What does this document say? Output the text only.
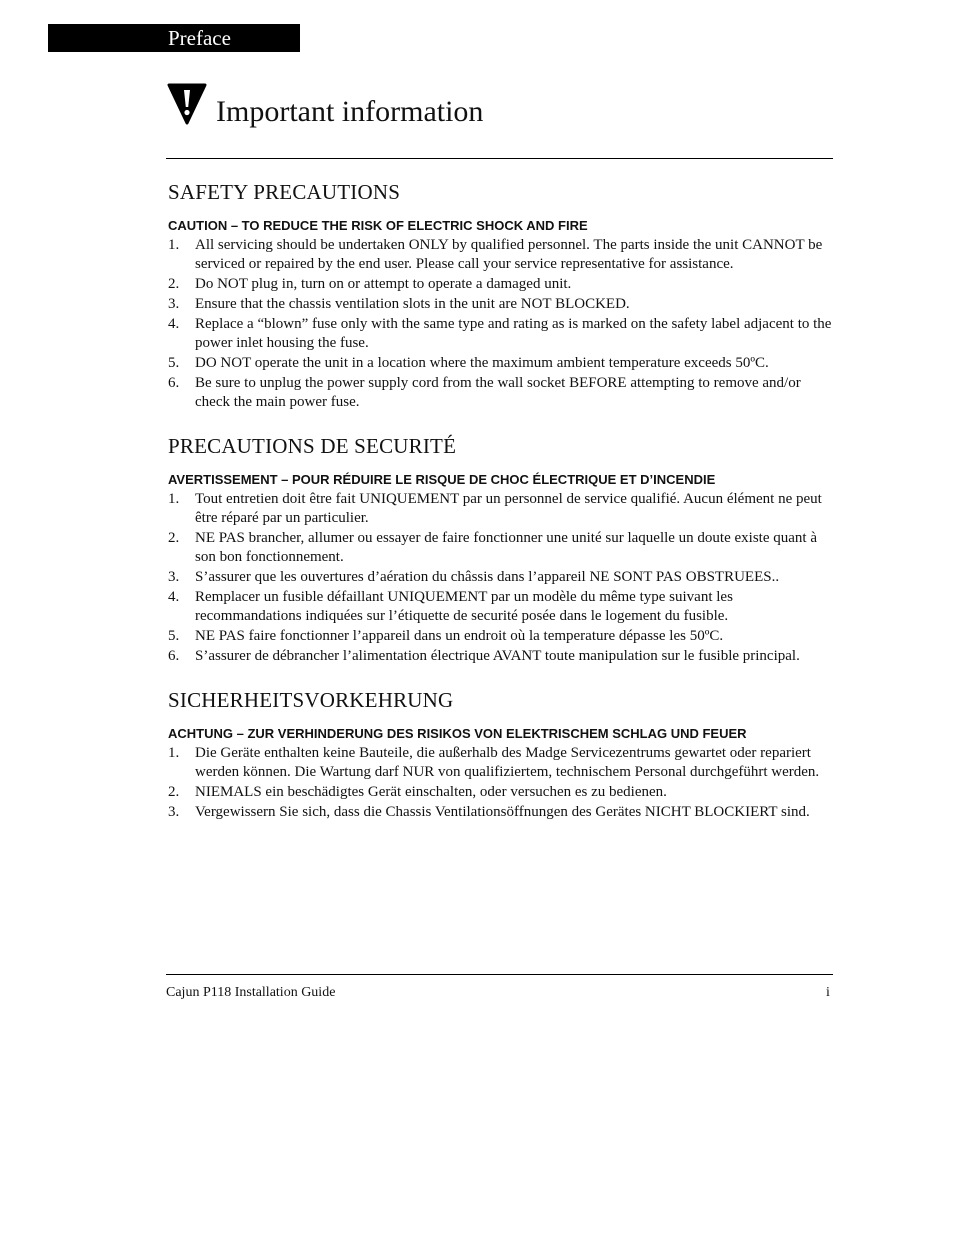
Preface
Important information
SAFETY PRECAUTIONS
CAUTION – TO REDUCE THE RISK OF ELECTRIC SHOCK AND FIRE
1. All servicing should be undertaken ONLY by qualified personnel. The parts inside the unit CANNOT be serviced or repaired by the end user. Please call your service representative for assistance.
2. Do NOT plug in, turn on or attempt to operate a damaged unit.
3. Ensure that the chassis ventilation slots in the unit are NOT BLOCKED.
4. Replace a “blown” fuse only with the same type and rating as is marked on the safety label adjacent to the power inlet housing the fuse.
5. DO NOT operate the unit in a location where the maximum ambient temperature exceeds 50ºC.
6. Be sure to unplug the power supply cord from the wall socket BEFORE attempting to remove and/or check the main power fuse.
PRECAUTIONS DE SECURITÉ
AVERTISSEMENT – POUR RÉDUIRE LE RISQUE DE CHOC ÉLECTRIQUE ET D’INCENDIE
1. Tout entretien doit être fait UNIQUEMENT par un personnel de service qualifié. Aucun élément ne peut être réparé par un particulier.
2. NE PAS brancher, allumer ou essayer de faire fonctionner une unité sur laquelle un doute existe quant à son bon fonctionnement.
3. S’assurer que les ouvertures d’aération du châssis dans l’appareil NE SONT PAS OBSTRUEES..
4. Remplacer un fusible défaillant UNIQUEMENT par un modèle du même type suivant les recommandations indiquées sur l’étiquette de securité posée dans le logement du fusible.
5. NE PAS faire fonctionner l’appareil dans un endroit où la temperature dépasse les 50ºC.
6. S’assurer de débrancher l’alimentation électrique AVANT toute manipulation sur le fusible principal.
SICHERHEITSVORKEHRUNG
ACHTUNG – ZUR VERHINDERUNG DES RISIKOS VON ELEKTRISCHEM SCHLAG UND FEUER
1. Die Geräte enthalten keine Bauteile, die außerhalb des Madge Servicezentrums gewartet oder repariert werden können. Die Wartung darf NUR von qualifiziertem, technischem Personal durchgeführt werden.
2. NIEMALS ein beschädigtes Gerät einschalten, oder versuchen es zu bedienen.
3. Vergewissern Sie sich, dass die Chassis Ventilationsöffnungen des Gerätes NICHT BLOCKIERT sind.
Cajun P118 Installation Guide	i
